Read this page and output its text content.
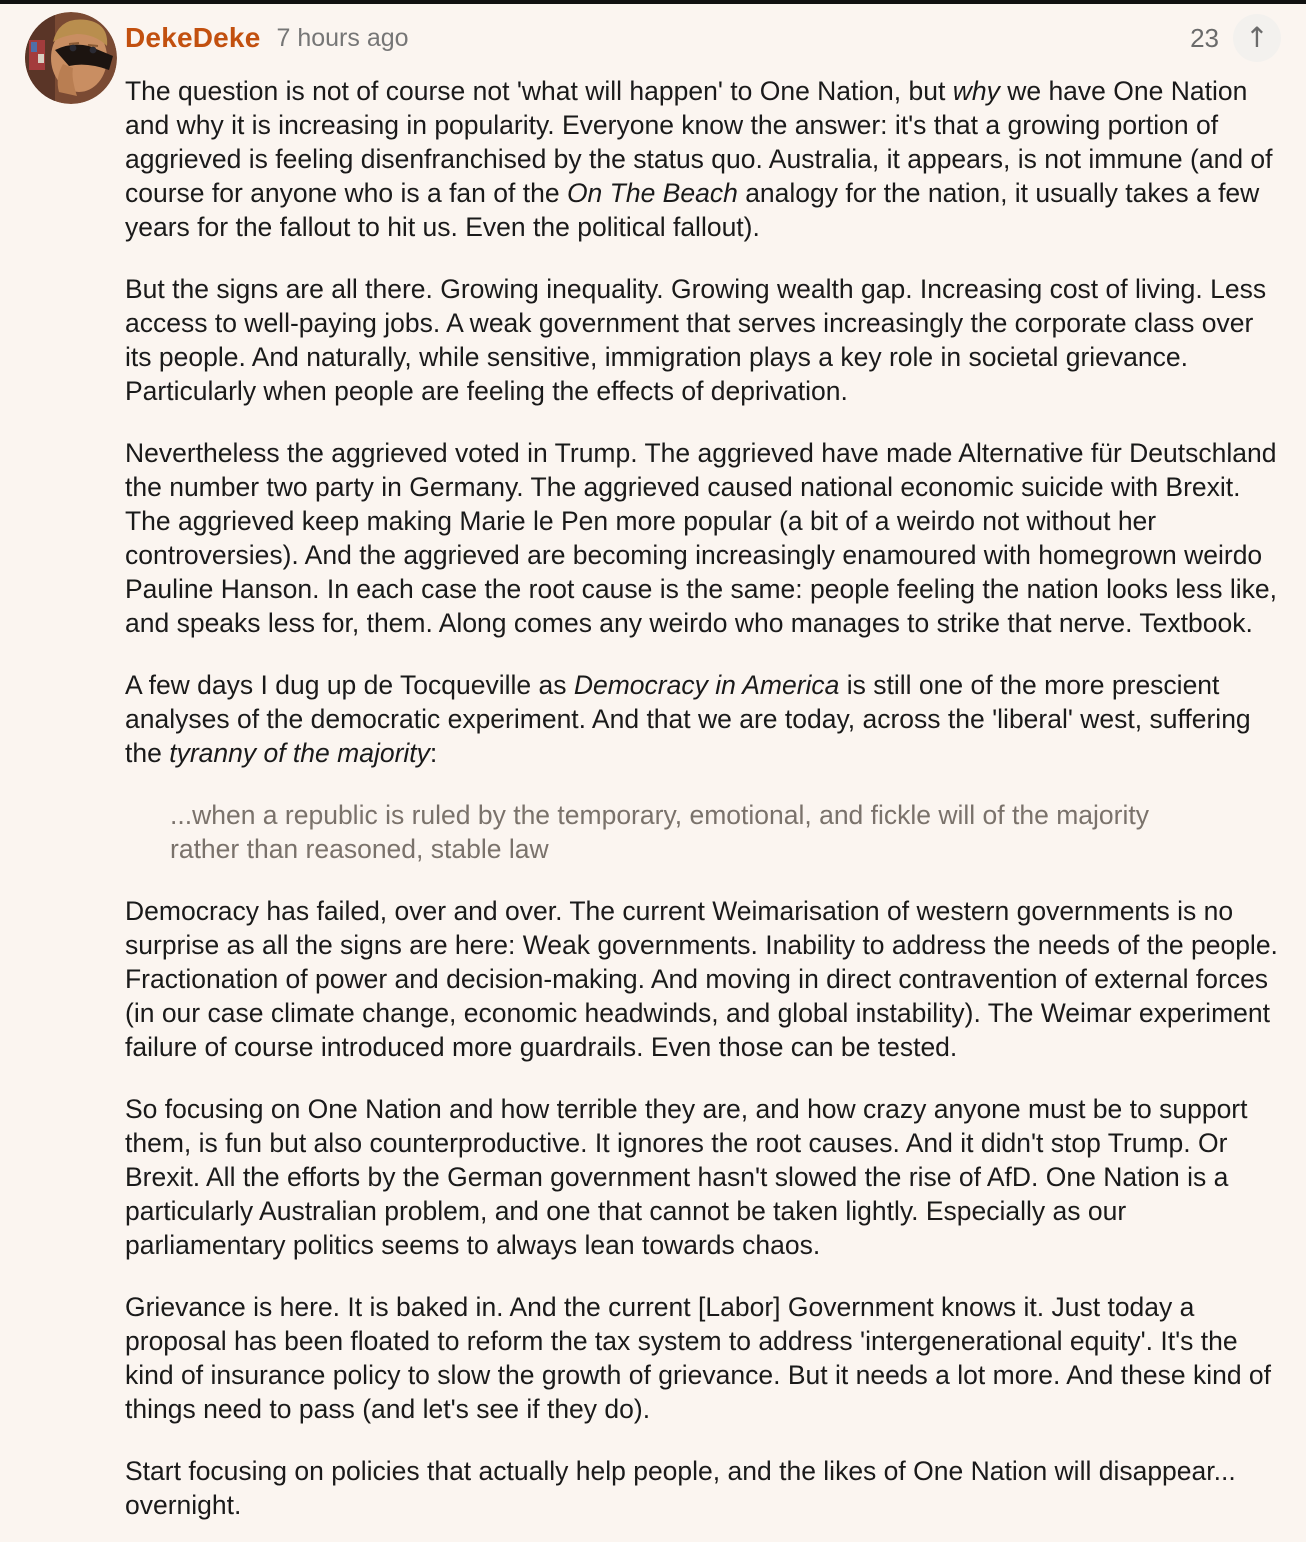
DekeDeke 7 hours ago	23 ↑

The question is not of course not 'what will happen' to One Nation, but why we have One Nation and why it is increasing in popularity. Everyone know the answer: it's that a growing portion of aggrieved is feeling disenfranchised by the status quo. Australia, it appears, is not immune (and of course for anyone who is a fan of the On The Beach analogy for the nation, it usually takes a few years for the fallout to hit us. Even the political fallout).

But the signs are all there. Growing inequality. Growing wealth gap. Increasing cost of living. Less access to well-paying jobs. A weak government that serves increasingly the corporate class over its people. And naturally, while sensitive, immigration plays a key role in societal grievance. Particularly when people are feeling the effects of deprivation.

Nevertheless the aggrieved voted in Trump. The aggrieved have made Alternative für Deutschland the number two party in Germany. The aggrieved caused national economic suicide with Brexit. The aggrieved keep making Marie le Pen more popular (a bit of a weirdo not without her controversies). And the aggrieved are becoming increasingly enamoured with homegrown weirdo Pauline Hanson. In each case the root cause is the same: people feeling the nation looks less like, and speaks less for, them. Along comes any weirdo who manages to strike that nerve. Textbook.

A few days I dug up de Tocqueville as Democracy in America is still one of the more prescient analyses of the democratic experiment. And that we are today, across the 'liberal' west, suffering the tyranny of the majority:

...when a republic is ruled by the temporary, emotional, and fickle will of the majority rather than reasoned, stable law

Democracy has failed, over and over. The current Weimarisation of western governments is no surprise as all the signs are here: Weak governments. Inability to address the needs of the people. Fractionation of power and decision-making. And moving in direct contravention of external forces (in our case climate change, economic headwinds, and global instability). The Weimar experiment failure of course introduced more guardrails. Even those can be tested.

So focusing on One Nation and how terrible they are, and how crazy anyone must be to support them, is fun but also counterproductive. It ignores the root causes. And it didn't stop Trump. Or Brexit. All the efforts by the German government hasn't slowed the rise of AfD. One Nation is a particularly Australian problem, and one that cannot be taken lightly. Especially as our parliamentary politics seems to always lean towards chaos.

Grievance is here. It is baked in. And the current [Labor] Government knows it. Just today a proposal has been floated to reform the tax system to address 'intergenerational equity'. It's the kind of insurance policy to slow the growth of grievance. But it needs a lot more. And these kind of things need to pass (and let's see if they do).

Start focusing on policies that actually help people, and the likes of One Nation will disappear... overnight.
